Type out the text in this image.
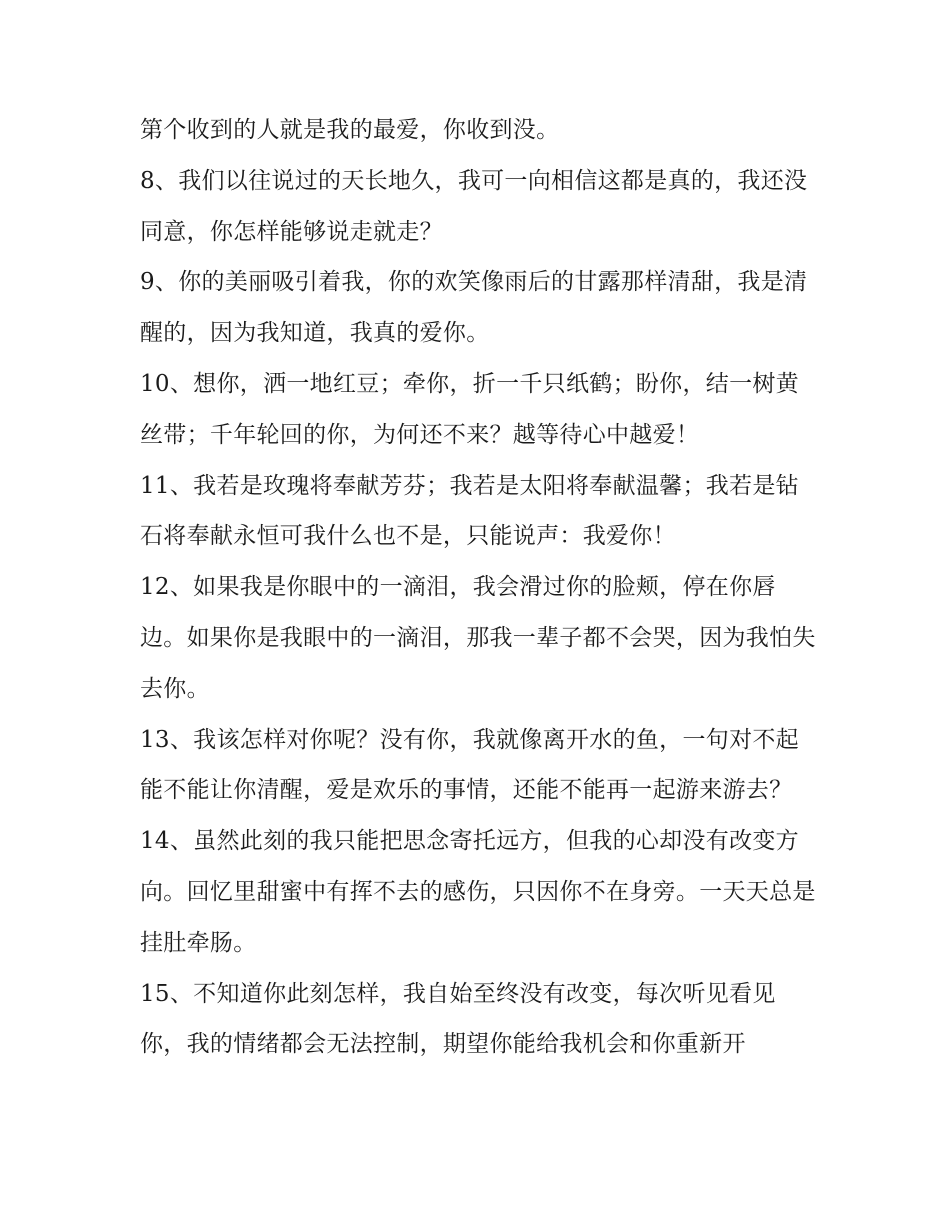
第个收到的人就是我的最爱，你收到没。

8、我们以往说过的天长地久，我可一向相信这都是真的，我还没同意，你怎样能够说走就走？

9、你的美丽吸引着我，你的欢笑像雨后的甘露那样清甜，我是清醒的，因为我知道，我真的爱你。

10、想你，洒一地红豆；牵你，折一千只纸鹤；盼你，结一树黄丝带；千年轮回的你，为何还不来？越等待心中越爱！

11、我若是玫瑰将奉献芳芬；我若是太阳将奉献温馨；我若是钻石将奉献永恒可我什么也不是，只能说声：我爱你！

12、如果我是你眼中的一滴泪，我会滑过你的脸颊，停在你唇边。如果你是我眼中的一滴泪，那我一辈子都不会哭，因为我怕失去你。

13、我该怎样对你呢？没有你，我就像离开水的鱼，一句对不起能不能让你清醒，爱是欢乐的事情，还能不能再一起游来游去？

14、虽然此刻的我只能把思念寄托远方，但我的心却没有改变方向。回忆里甜蜜中有挥不去的感伤，只因你不在身旁。一天天总是挂肚牵肠。

15、不知道你此刻怎样，我自始至终没有改变，每次听见看见你，我的情绪都会无法控制，期望你能给我机会和你重新开
